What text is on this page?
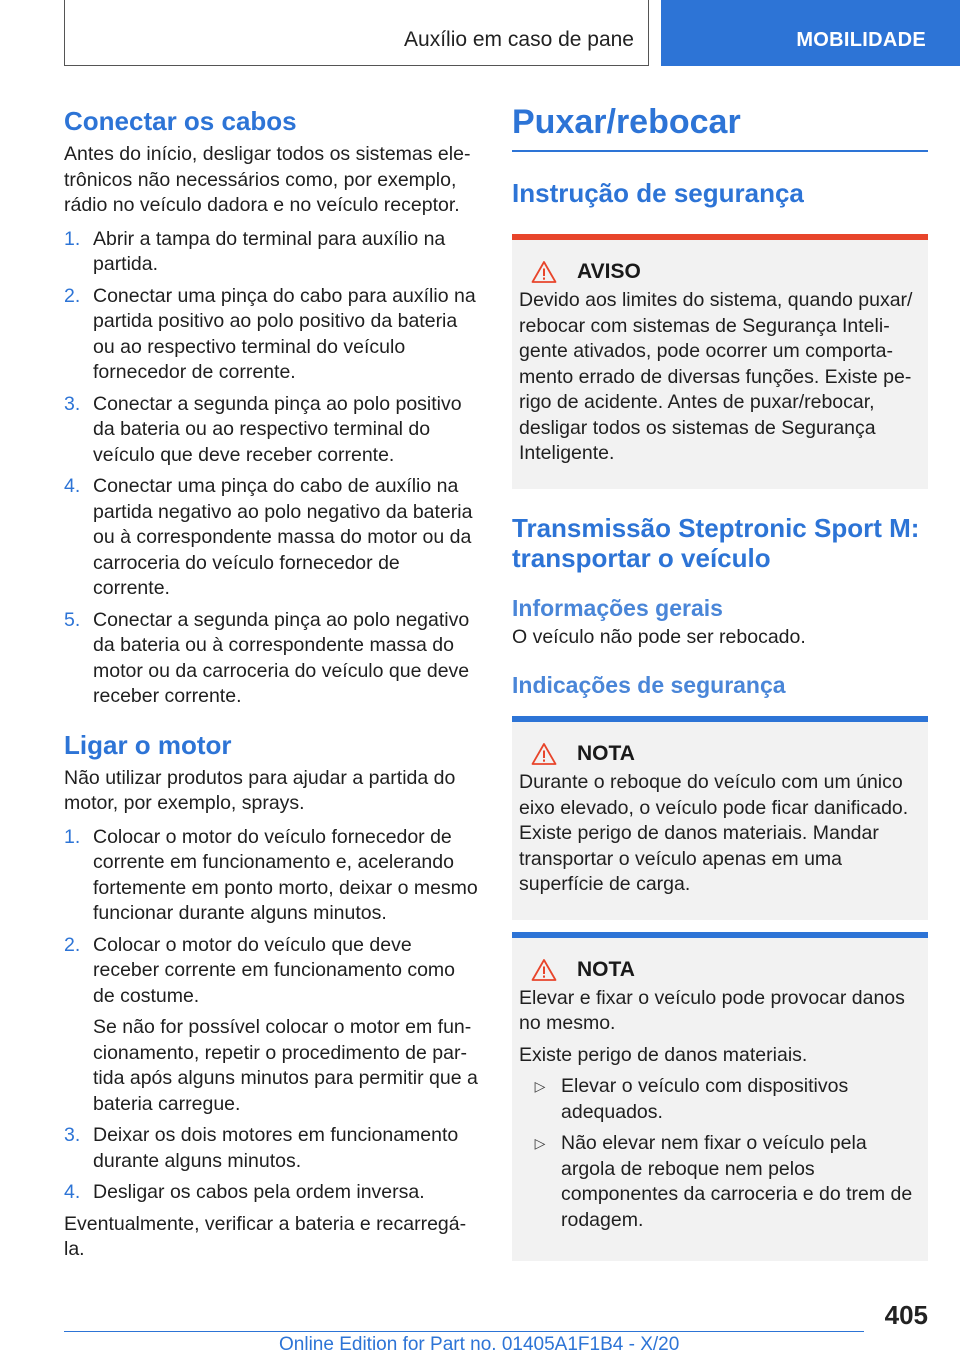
Auxílio em caso de pane	MOBILIDADE
Conectar os cabos

Antes do início, desligar todos os sistemas eletrônicos não necessários como, por exemplo, rádio no veículo dadora e no veículo receptor.

1. Abrir a tampa do terminal para auxílio na partida.
2. Conectar uma pinça do cabo para auxílio na partida positivo ao polo positivo da bateria ou ao respectivo terminal do veículo fornecedor de corrente.
3. Conectar a segunda pinça ao polo positivo da bateria ou ao respectivo terminal do veículo que deve receber corrente.
4. Conectar uma pinça do cabo de auxílio na partida negativo ao polo negativo da bateria ou à correspondente massa do motor ou da carroceria do veículo fornecedor de corrente.
5. Conectar a segunda pinça ao polo negativo da bateria ou à correspondente massa do motor ou da carroceria do veículo que deve receber corrente.
Ligar o motor

Não utilizar produtos para ajudar a partida do motor, por exemplo, sprays.

1. Colocar o motor do veículo fornecedor de corrente em funcionamento e, acelerando fortemente em ponto morto, deixar o mesmo funcionar durante alguns minutos.
2. Colocar o motor do veículo que deve receber corrente em funcionamento como de costume.
Se não for possível colocar o motor em funcionamento, repetir o procedimento de partida após alguns minutos para permitir que a bateria carregue.
3. Deixar os dois motores em funcionamento durante alguns minutos.
4. Desligar os cabos pela ordem inversa.

Eventualmente, verificar a bateria e recarregá-la.

Puxar/rebocar
Instrução de segurança
AVISO

Devido aos limites do sistema, quando puxar/ rebocar com sistemas de Segurança Inteligente ativados, pode ocorrer um comportamento errado de diversas funções. Existe perigo de acidente. Antes de puxar/rebocar, desligar todos os sistemas de Segurança Inteligente.

Transmissão Steptronic Sport M: transportar o veículo
Informações gerais

O veículo não pode ser rebocado.

Indicações de segurança
NOTA

Durante o reboque do veículo com um único eixo elevado, o veículo pode ficar danificado. Existe perigo de danos materiais. Mandar transportar o veículo apenas em uma superfície de carga.

NOTA

Elevar e fixar o veículo pode provocar danos no mesmo.

Existe perigo de danos materiais.

▷ Elevar o veículo com dispositivos adequados.
▷ Não elevar nem fixar o veículo pela argola de reboque nem pelos componentes da carroceria e do trem de rodagem.
405
Online Edition for Part no. 01405A1F1B4 - X/20
